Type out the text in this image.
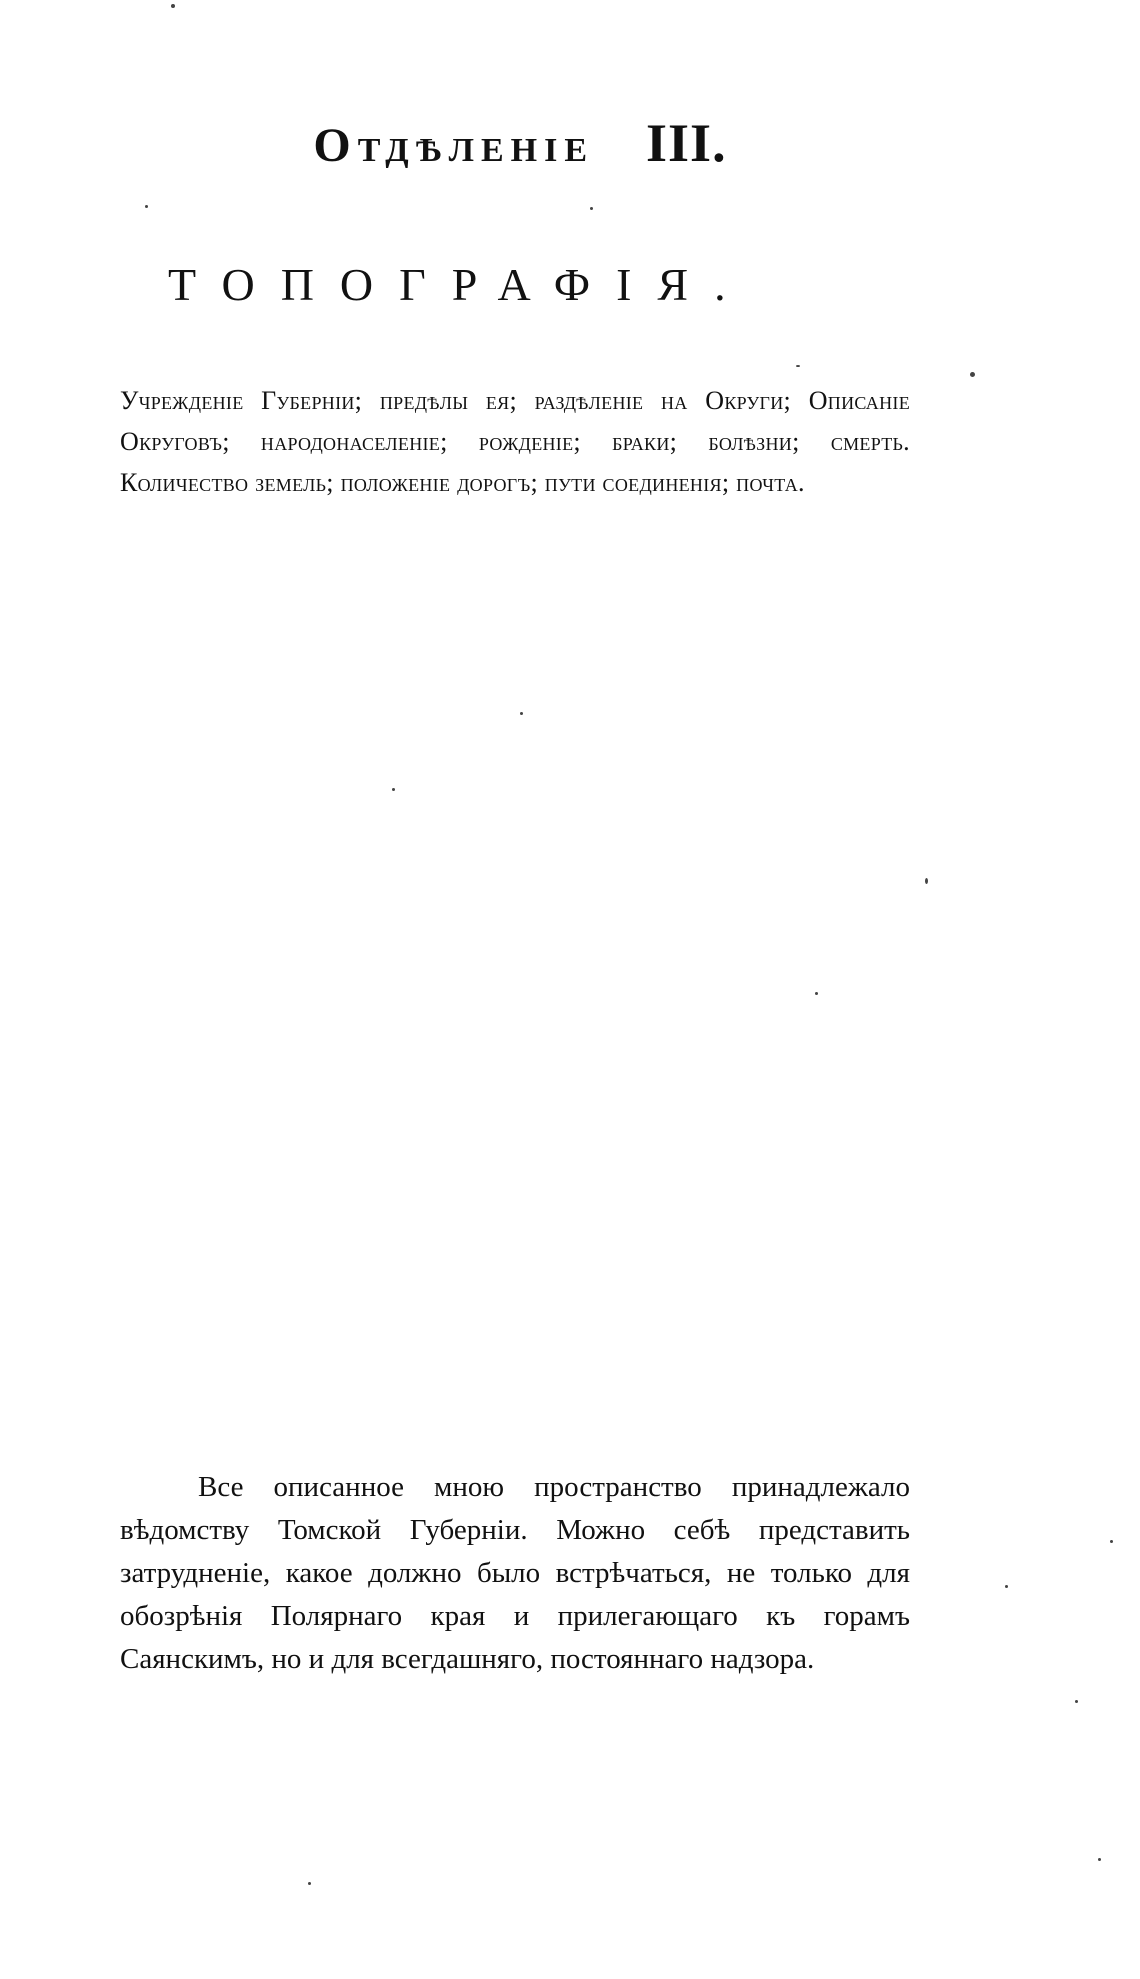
Отдѣленіе III.
ТОПОГРАФІЯ.
Учрежденіе Губерніи; предѣлы ея; раздѣленіе на Округи; Описаніе Округовъ; народонаселеніе; рожденіе; браки; болѣзни; смерть. Количество земель; положеніе дорогъ; пути соединенія; почта.
Все описанное мною пространство принадлежало вѣдомству Томской Губерніи. Можно себѣ представить затрудненіе, какое должно было встрѣчаться, не только для обозрѣнія Полярнаго края и прилегающаго къ горамъ Саянскимъ, но и для всегдашняго, постояннаго надзора.
